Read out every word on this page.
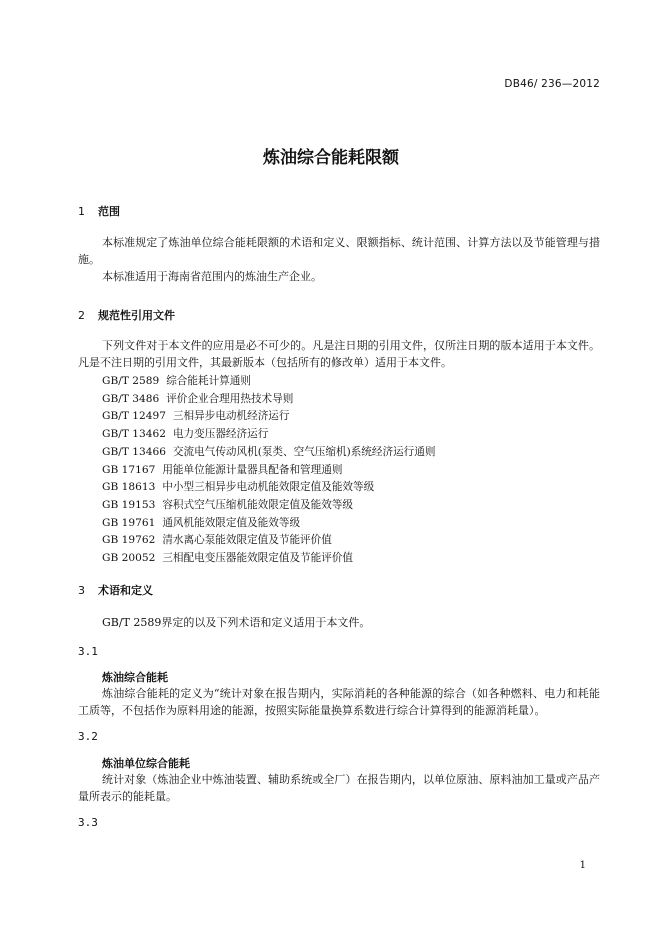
DB46/ 236—2012
炼油综合能耗限额
1 范围
本标准规定了炼油单位综合能耗限额的术语和定义、限额指标、统计范围、计算方法以及节能管理与措施。
本标准适用于海南省范围内的炼油生产企业。
2 规范性引用文件
下列文件对于本文件的应用是必不可少的。凡是注日期的引用文件，仅所注日期的版本适用于本文件。凡是不注日期的引用文件，其最新版本（包括所有的修改单）适用于本文件。
GB/T 2589 综合能耗计算通则
GB/T 3486 评价企业合理用热技术导则
GB/T 12497 三相异步电动机经济运行
GB/T 13462 电力变压器经济运行
GB/T 13466 交流电气传动风机(泵类、空气压缩机)系统经济运行通则
GB 17167 用能单位能源计量器具配备和管理通则
GB 18613 中小型三相异步电动机能效限定值及能效等级
GB 19153 容积式空气压缩机能效限定值及能效等级
GB 19761 通风机能效限定值及能效等级
GB 19762 清水离心泵能效限定值及节能评价值
GB 20052 三相配电变压器能效限定值及节能评价值
3 术语和定义
GB/T 2589界定的以及下列术语和定义适用于本文件。
3.1
炼油综合能耗
炼油综合能耗的定义为“统计对象在报告期内，实际消耗的各种能源的综合（如各种燃料、电力和耗能工质等，不包括作为原料用途的能源，按照实际能量换算系数进行综合计算得到的能源消耗量）。
3.2
炼油单位综合能耗
统计对象（炼油企业中炼油装置、辅助系统或全厂）在报告期内，以单位原油、原料油加工量或产品产量所表示的能耗量。
3.3
1
